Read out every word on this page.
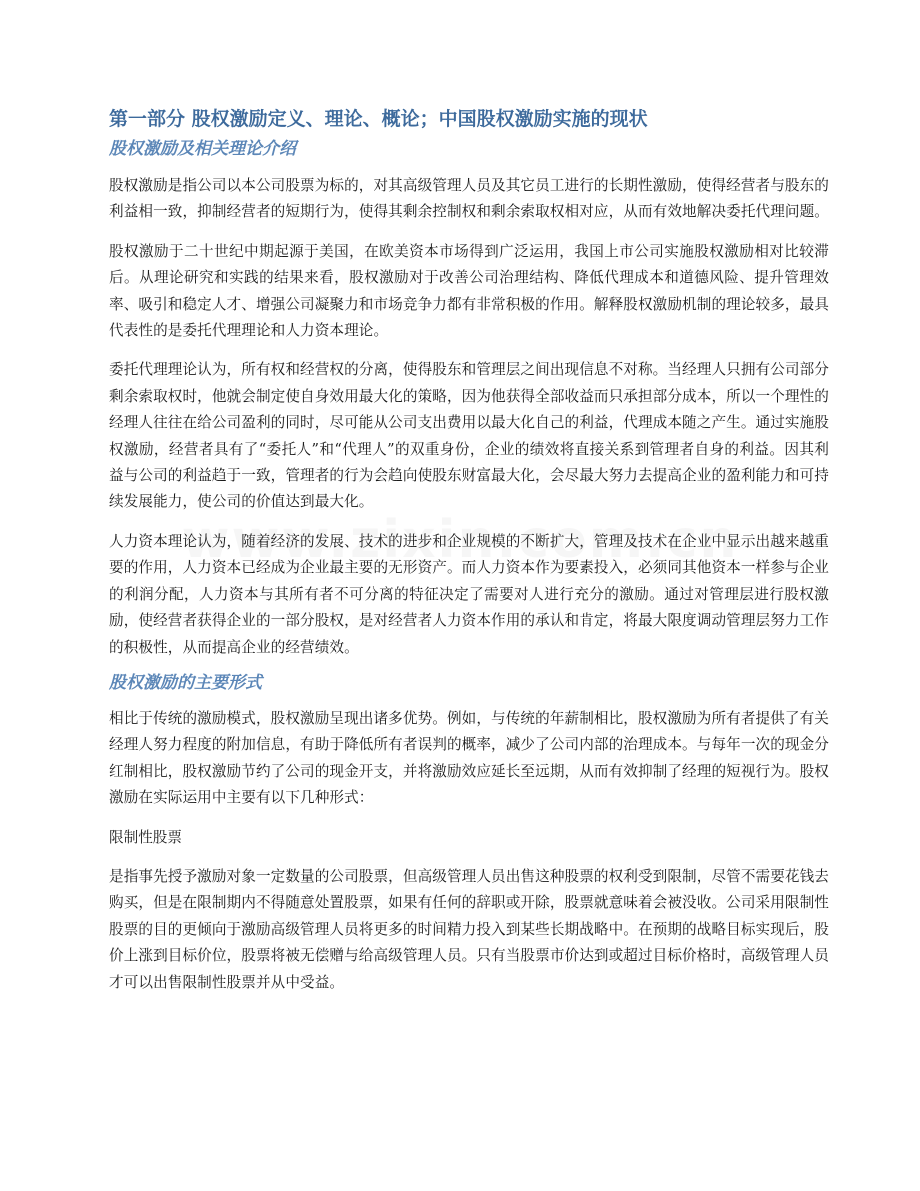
第一部分 股权激励定义、理论、概论；中国股权激励实施的现状
股权激励及相关理论介绍

股权激励是指公司以本公司股票为标的，对其高级管理人员及其它员工进行的长期性激励，使得经营者与股东的利益相一致，抑制经营者的短期行为，使得其剩余控制权和剩余索取权相对应，从而有效地解决委托代理问题。

股权激励于二十世纪中期起源于美国，在欧美资本市场得到广泛运用，我国上市公司实施股权激励相对比较滞后。从理论研究和实践的结果来看，股权激励对于改善公司治理结构、降低代理成本和道德风险、提升管理效率、吸引和稳定人才、增强公司凝聚力和市场竞争力都有非常积极的作用。解释股权激励机制的理论较多，最具代表性的是委托代理理论和人力资本理论。

委托代理理论认为，所有权和经营权的分离，使得股东和管理层之间出现信息不对称。当经理人只拥有公司部分剩余索取权时，他就会制定使自身效用最大化的策略，因为他获得全部收益而只承担部分成本，所以一个理性的经理人往往在给公司盈利的同时，尽可能从公司支出费用以最大化自己的利益，代理成本随之产生。通过实施股权激励，经营者具有了“委托人”和“代理人”的双重身份，企业的绩效将直接关系到管理者自身的利益。因其利益与公司的利益趋于一致，管理者的行为会趋向使股东财富最大化，会尽最大努力去提高企业的盈利能力和可持续发展能力，使公司的价值达到最大化。

人力资本理论认为，随着经济的发展、技术的进步和企业规模的不断扩大，管理及技术在企业中显示出越来越重要的作用，人力资本已经成为企业最主要的无形资产。而人力资本作为要素投入，必须同其他资本一样参与企业的利润分配，人力资本与其所有者不可分离的特征决定了需要对人进行充分的激励。通过对管理层进行股权激励，使经营者获得企业的一部分股权，是对经营者人力资本作用的承认和肯定，将最大限度调动管理层努力工作的积极性，从而提高企业的经营绩效。

股权激励的主要形式

相比于传统的激励模式，股权激励呈现出诸多优势。例如，与传统的年薪制相比，股权激励为所有者提供了有关经理人努力程度的附加信息，有助于降低所有者误判的概率，减少了公司内部的治理成本。与每年一次的现金分红制相比，股权激励节约了公司的现金开支，并将激励效应延长至远期，从而有效抑制了经理的短视行为。股权激励在实际运用中主要有以下几种形式：

限制性股票

是指事先授予激励对象一定数量的公司股票，但高级管理人员出售这种股票的权利受到限制，尽管不需要花钱去购买，但是在限制期内不得随意处置股票，如果有任何的辞职或开除，股票就意味着会被没收。公司采用限制性股票的目的更倾向于激励高级管理人员将更多的时间精力投入到某些长期战略中。在预期的战略目标实现后，股价上涨到目标价位，股票将被无偿赠与给高级管理人员。只有当股票市价达到或超过目标价格时，高级管理人员才可以出售限制性股票并从中受益。
